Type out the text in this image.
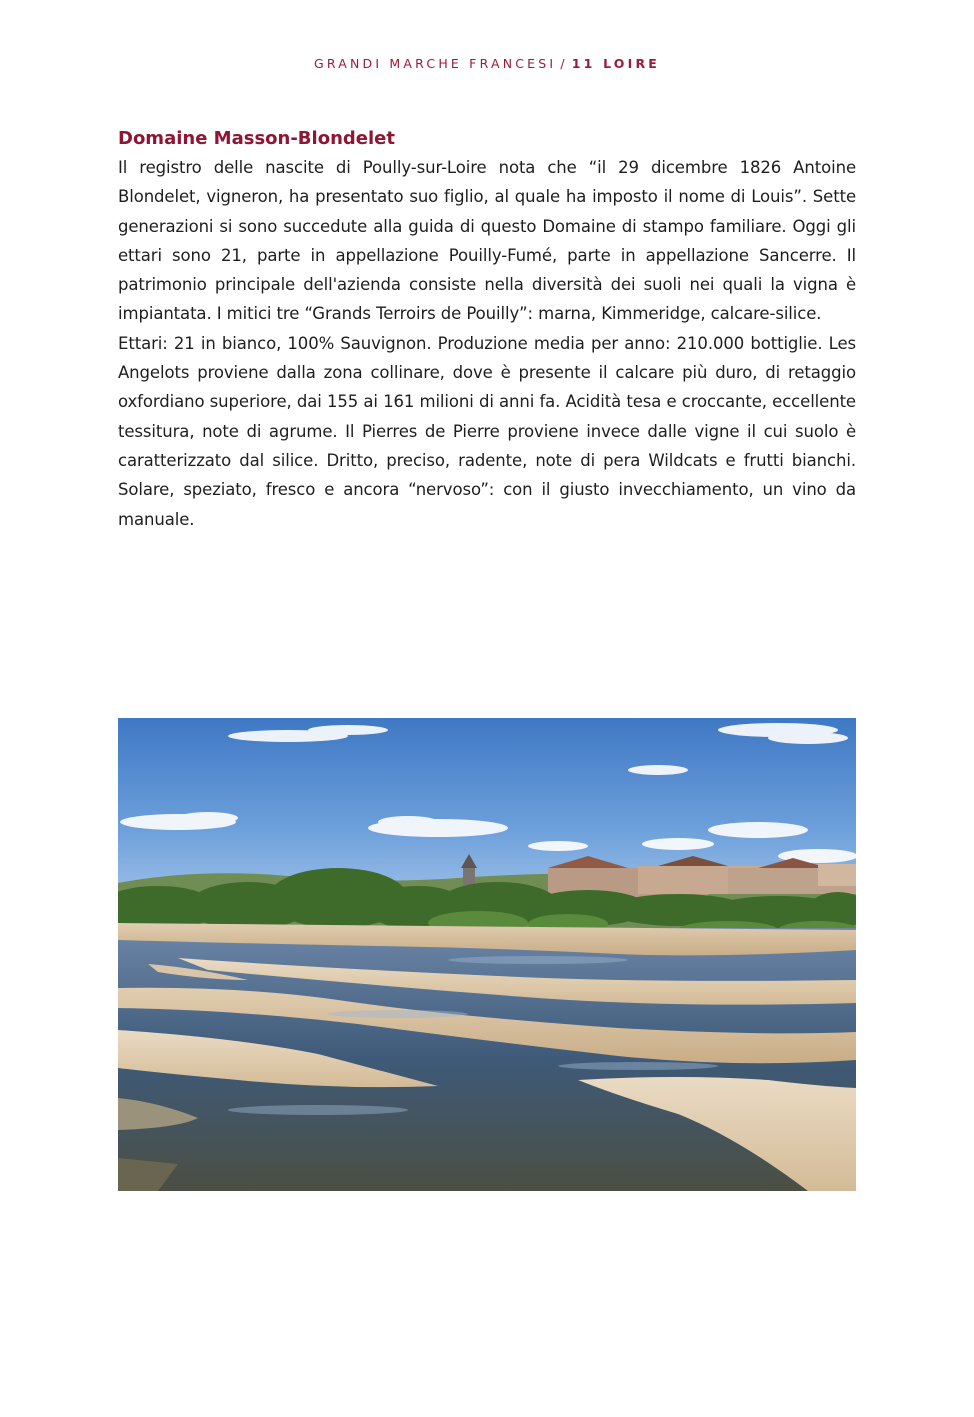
GRANDI MARCHE FRANCESI / 11 LOIRE
Domaine Masson-Blondelet

Il registro delle nascite di Poully-sur-Loire nota che “il 29 dicembre 1826 Antoine Blondelet, vigneron, ha presentato suo figlio, al quale ha imposto il nome di Louis”. Sette generazioni si sono succedute alla guida di questo Domaine di stampo familiare. Oggi gli ettari sono 21, parte in appellazione Pouilly-Fumé, parte in appellazione Sancerre. Il patrimonio principale dell'azienda consiste nella diversità dei suoli nei quali la vigna è impiantata. I mitici tre “Grands Terroirs de Pouilly”: marna, Kimmeridge, calcare-silice.

Ettari: 21 in bianco, 100% Sauvignon. Produzione media per anno: 210.000 bottiglie. Les Angelots proviene dalla zona collinare, dove è presente il calcare più duro, di retaggio oxfordiano superiore, dai 155 ai 161 milioni di anni fa. Acidità tesa e croccante, eccellente tessitura, note di agrume. Il Pierres de Pierre proviene invece dalle vigne il cui suolo è caratterizzato dal silice. Dritto, preciso, radente, note di pera Wildcats e frutti bianchi. Solare, speziato, fresco e ancora “nervoso”: con il giusto invecchiamento, un vino da manuale.
